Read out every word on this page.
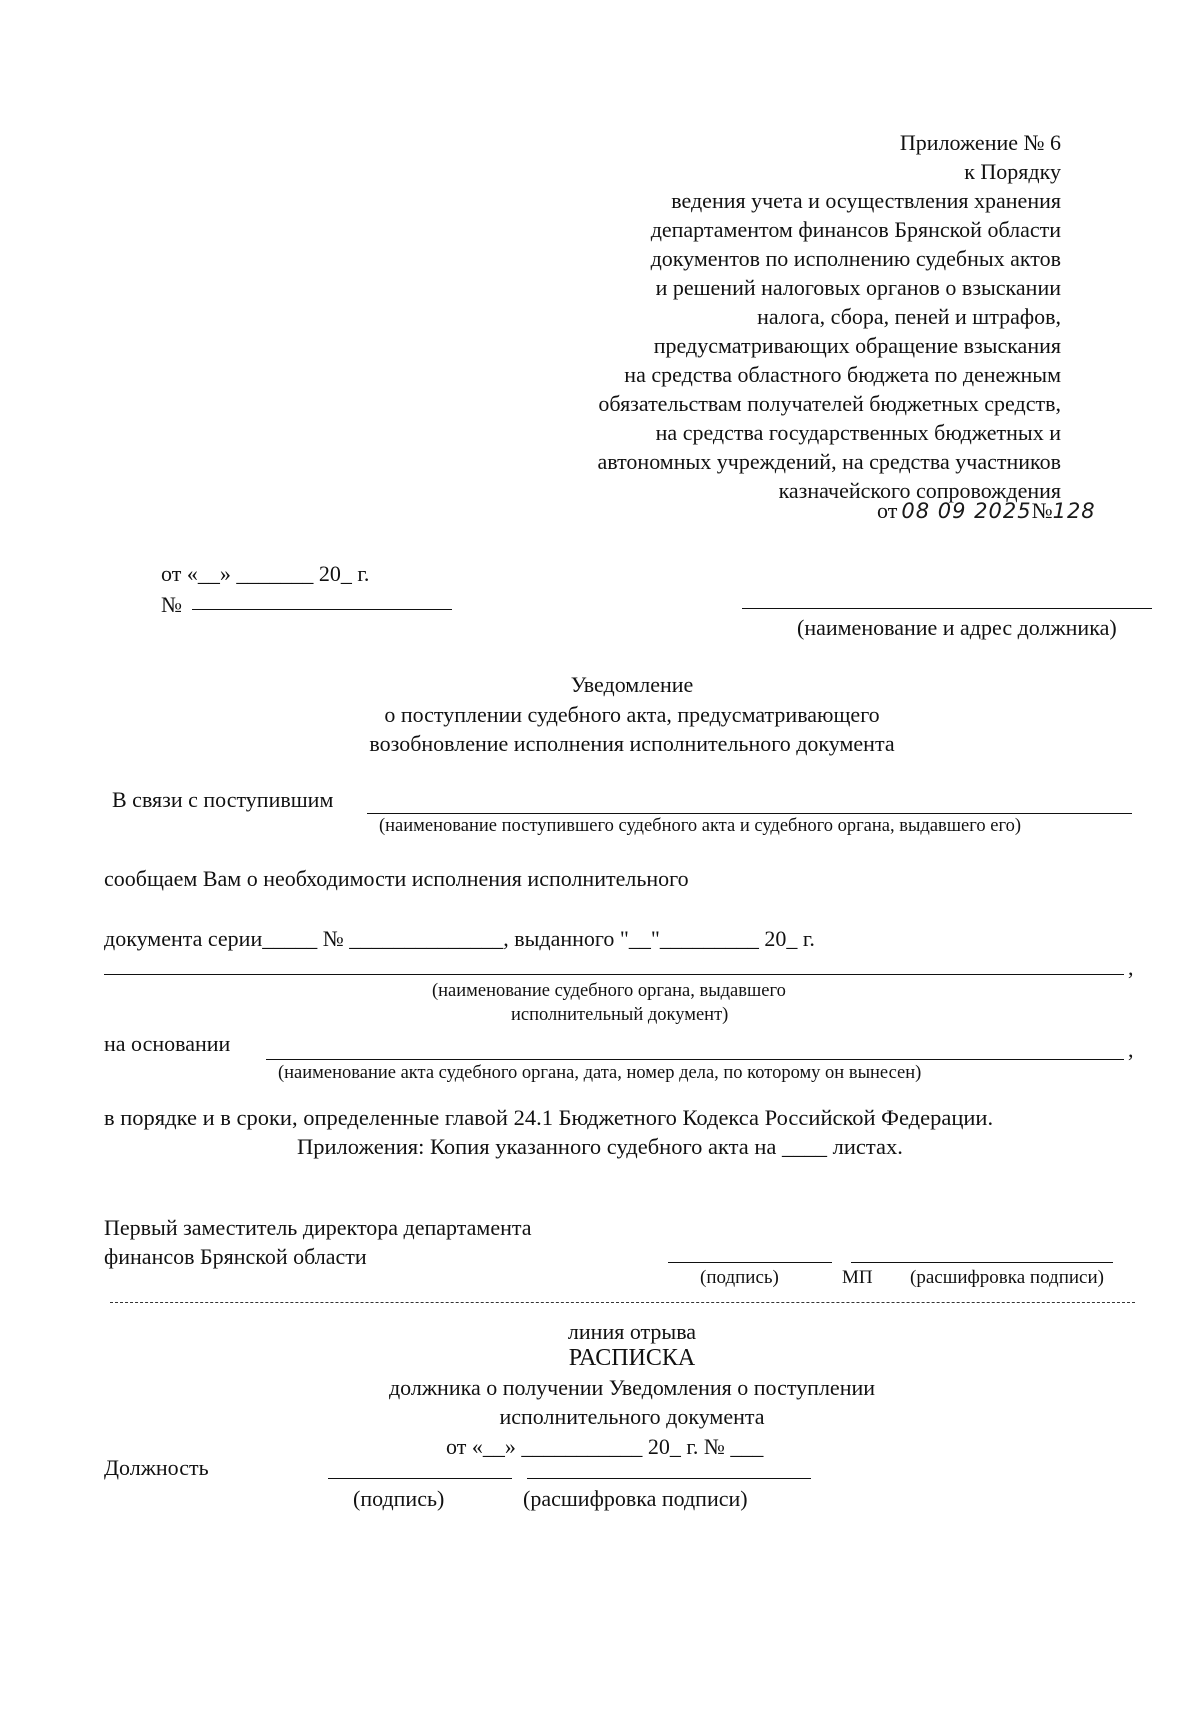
Приложение № 6
к Порядку
ведения учета и осуществления хранения
департаментом финансов Брянской области
документов по исполнению судебных актов
и решений налоговых органов о взыскании
налога, сбора, пеней и штрафов,
предусматривающих обращение взыскания
на средства областного бюджета по денежным
обязательствам получателей бюджетных средств,
на средства государственных бюджетных и
автономных учреждений, на средства участников
казначейского сопровождения
от 08 09 2025№128
от «__» _______ 20_ г.
№
(наименование и адрес должника)
Уведомление
о поступлении судебного акта, предусматривающего
возобновление исполнения исполнительного документа
В связи с поступившим
(наименование поступившего судебного акта и судебного органа, выдавшего его)
сообщаем Вам о необходимости исполнения исполнительного
документа серии_____ № ______________, выданного "__"_________ 20_ г.
,
(наименование судебного органа, выдавшего
исполнительный документ)
на основании	,
(наименование акта судебного органа, дата, номер дела, по которому он вынесен)
в порядке и в сроки, определенные главой 24.1 Бюджетного Кодекса Российской Федерации.
Приложения: Копия указанного судебного акта на ____ листах.
Первый заместитель директора департамента
финансов Брянской области
(подпись)	МП (расшифровка подписи)
линия отрыва
РАСПИСКА
должника о получении Уведомления о поступлении
исполнительного документа
от «__» ___________ 20_ г. № ___
Должность
(подпись)	(расшифровка подписи)
